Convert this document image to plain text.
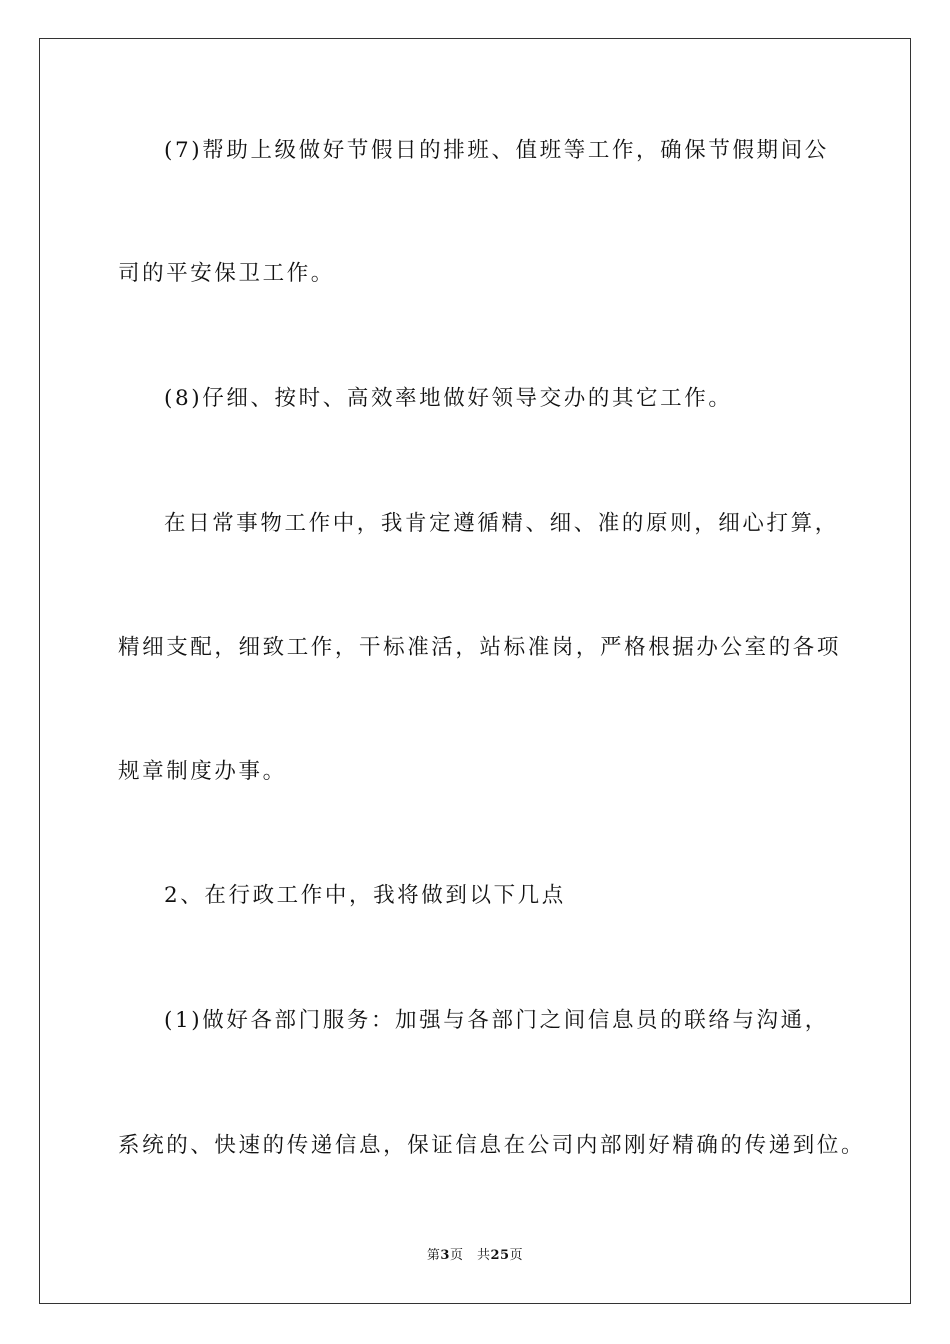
(7)帮助上级做好节假日的排班、值班等工作，确保节假期间公
司的平安保卫工作。
(8)仔细、按时、高效率地做好领导交办的其它工作。
在日常事物工作中，我肯定遵循精、细、准的原则，细心打算，
精细支配，细致工作，干标准活，站标准岗，严格根据办公室的各项
规章制度办事。
2、在行政工作中，我将做到以下几点
(1)做好各部门服务：加强与各部门之间信息员的联络与沟通，
系统的、快速的传递信息，保证信息在公司内部刚好精确的传递到位。
第3页　共25页
